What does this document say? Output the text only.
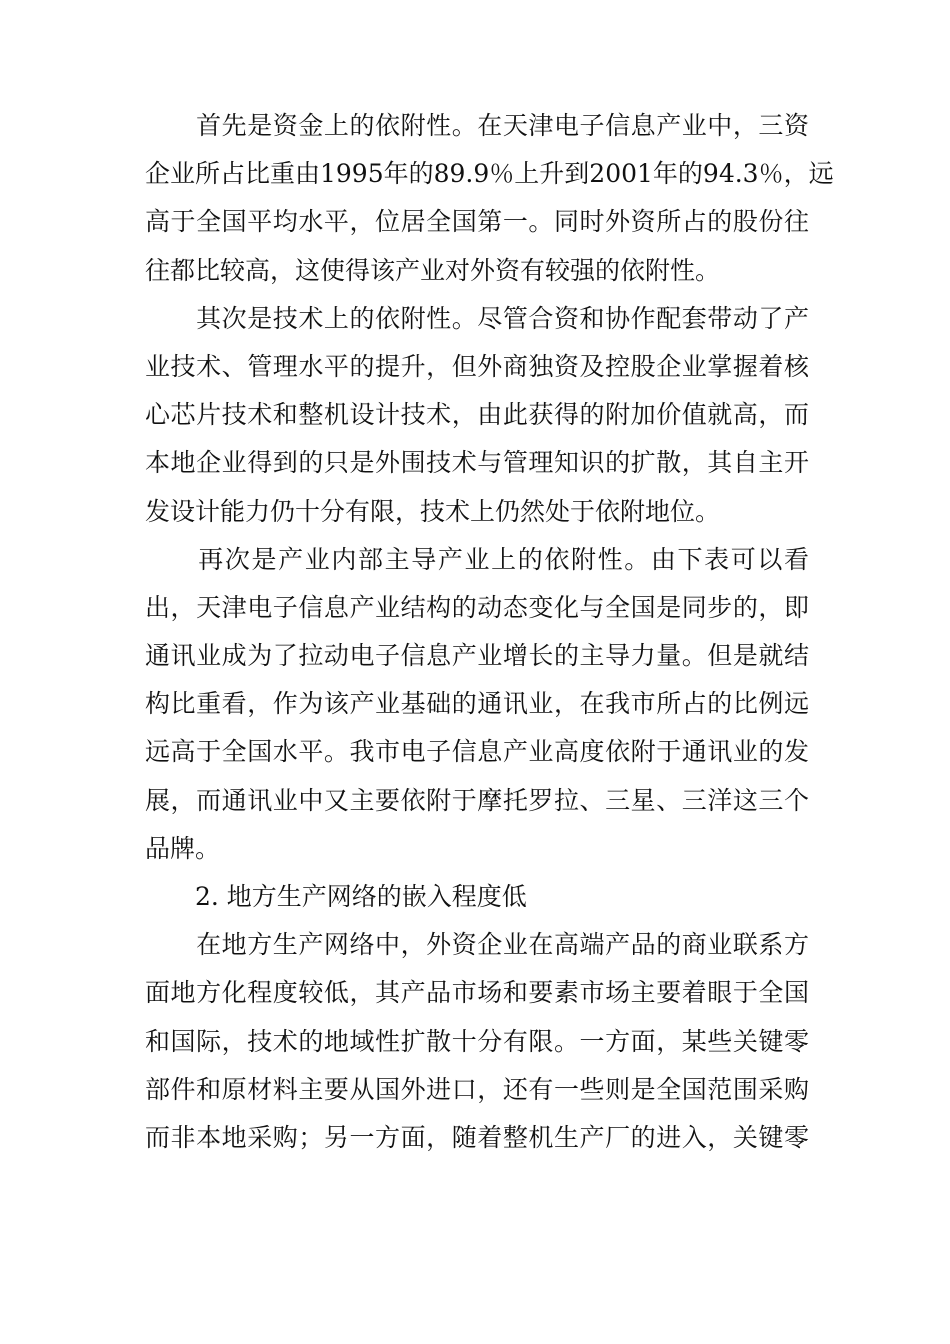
　　首先是资金上的依附性。在天津电子信息产业中，三资
企业所占比重由1995年的89.9％上升到2001年的94.3％，远
高于全国平均水平，位居全国第一。同时外资所占的股份往
往都比较高，这使得该产业对外资有较强的依附性。
　　其次是技术上的依附性。尽管合资和协作配套带动了产
业技术、管理水平的提升，但外商独资及控股企业掌握着核
心芯片技术和整机设计技术，由此获得的附加价值就高，而
本地企业得到的只是外围技术与管理知识的扩散，其自主开
发设计能力仍十分有限，技术上仍然处于依附地位。
　　再次是产业内部主导产业上的依附性。由下表可以看
出，天津电子信息产业结构的动态变化与全国是同步的，即
通讯业成为了拉动电子信息产业增长的主导力量。但是就结
构比重看，作为该产业基础的通讯业，在我市所占的比例远
远高于全国水平。我市电子信息产业高度依附于通讯业的发
展，而通讯业中又主要依附于摩托罗拉、三星、三洋这三个
品牌。
　　2. 地方生产网络的嵌入程度低
　　在地方生产网络中，外资企业在高端产品的商业联系方
面地方化程度较低，其产品市场和要素市场主要着眼于全国
和国际，技术的地域性扩散十分有限。一方面，某些关键零
部件和原材料主要从国外进口，还有一些则是全国范围采购
而非本地采购；另一方面，随着整机生产厂的进入，关键零
